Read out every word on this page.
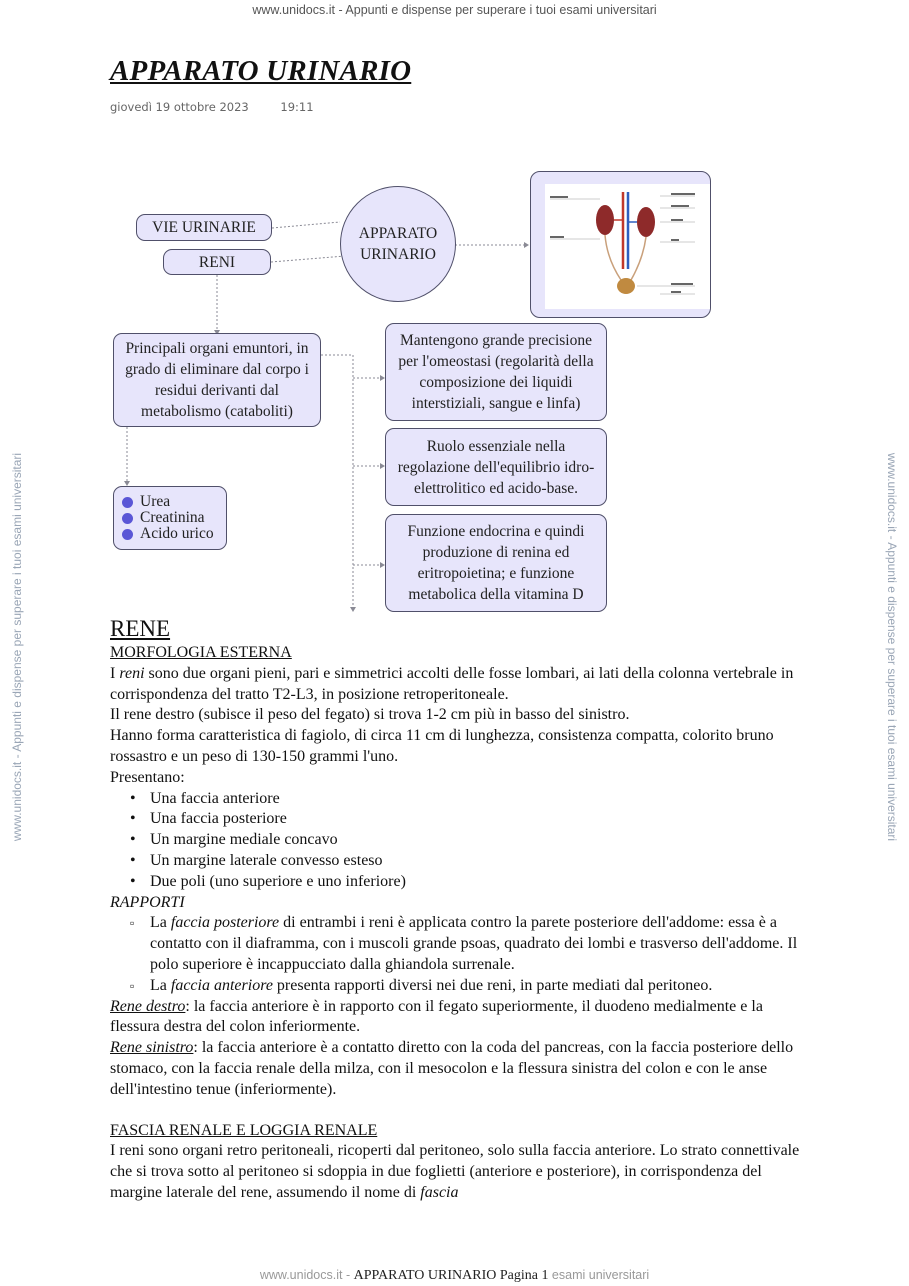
www.unidocs.it - Appunti e dispense per superare i tuoi esami universitari
www.unidocs.it - Appunti e dispense per superare i tuoi esami universitari	www.unidocs.it - Appunti e dispense per superare i tuoi esami universitari
APPARATO URINARIO
giovedì 19 ottobre 2023	19:11
VIE URINARIE
RENI
APPARATO URINARIO
Principali organi emuntori, in grado di eliminare dal corpo i residui derivanti dal metabolismo (cataboliti)
Urea
Creatinina
Acido urico
Mantengono grande precisione per l'omeostasi (regolarità della composizione dei liquidi interstiziali, sangue e linfa)
Ruolo essenziale nella regolazione dell'equilibrio idro-elettrolitico ed acido-base.
Funzione endocrina e quindi produzione di renina ed eritropoietina; e funzione metabolica della vitamina D
RENE
MORFOLOGIA ESTERNA

I reni sono due organi pieni, pari e simmetrici accolti delle fosse lombari, ai lati della colonna vertebrale in corrispondenza del tratto T2-L3, in posizione retroperitoneale.

Il rene destro (subisce il peso del fegato) si trova 1-2 cm più in basso del sinistro.

Hanno forma caratteristica di fagiolo, di circa 11 cm di lunghezza, consistenza compatta, colorito bruno rossastro e un peso di 130-150 grammi l'uno.

Presentano:

• Una faccia anteriore
• Una faccia posteriore
• Un margine mediale concavo
• Un margine laterale convesso esteso
• Due poli (uno superiore e uno inferiore)

RAPPORTI

▫ La faccia posteriore di entrambi i reni è applicata contro la parete posteriore dell'addome: essa è a contatto con il diaframma, con i muscoli grande psoas, quadrato dei lombi e trasverso dell'addome. Il polo superiore è incappucciato dalla ghiandola surrenale.
▫ La faccia anteriore presenta rapporti diversi nei due reni, in parte mediati dal peritoneo.

Rene destro: la faccia anteriore è in rapporto con il fegato superiormente, il duodeno medialmente e la flessura destra del colon inferiormente.

Rene sinistro: la faccia anteriore è a contatto diretto con la coda del pancreas, con la faccia posteriore dello stomaco, con la faccia renale della milza, con il mesocolon e la flessura sinistra del colon e con le anse dell'intestino tenue (inferiormente).

FASCIA RENALE E LOGGIA RENALE

I reni sono organi retro peritoneali, ricoperti dal peritoneo, solo sulla faccia anteriore. Lo strato connettivale che si trova sotto al peritoneo si sdoppia in due foglietti (anteriore e posteriore), in corrispondenza del margine laterale del rene, assumendo il nome di fascia

www.unidocs.it - APPARATO URINARIO Pagina 1 esami universitari
